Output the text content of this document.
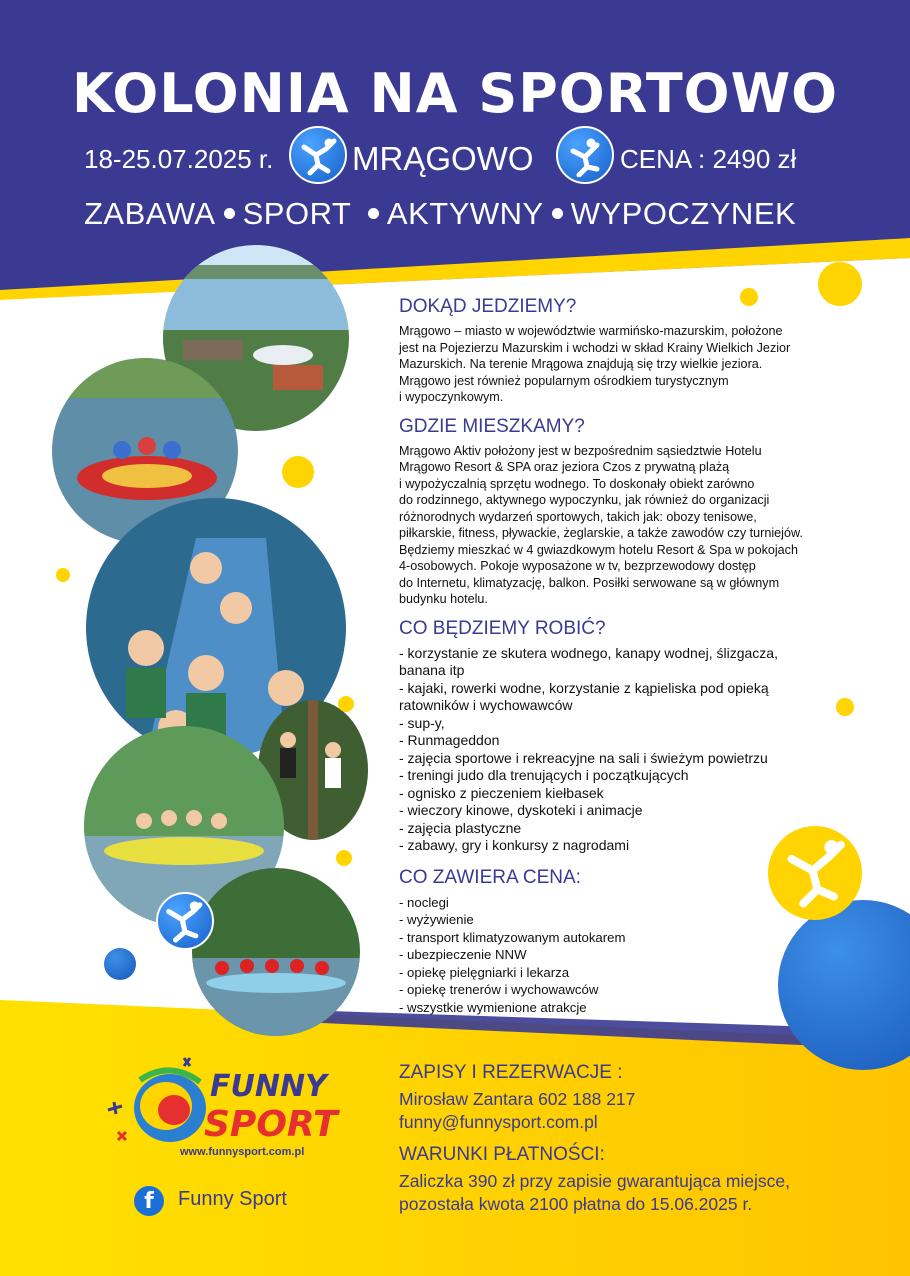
KOLONIA NA SPORTOWO
18-25.07.2025 r. MRĄGOWO	CENA : 2490 zł
ZABAWA SPORT AKTYWNY WYPOCZYNEK
DOKĄD JEDZIEMY?

Mrągowo – miasto w województwie warmińsko-mazurskim, położone
jest na Pojezierzu Mazurskim i wchodzi w skład Krainy Wielkich Jezior
Mazurskich. Na terenie Mrągowa znajdują się trzy wielkie jeziora.
Mrągowo jest również popularnym ośrodkiem turystycznym
i wypoczynkowym.

GDZIE MIESZKAMY?

Mrągowo Aktiv położony jest w bezpośrednim sąsiedztwie Hotelu
Mrągowo Resort & SPA oraz jeziora Czos z prywatną plażą
i wypożyczalnią sprzętu wodnego. To doskonały obiekt zarówno
do rodzinnego, aktywnego wypoczynku, jak również do organizacji
różnorodnych wydarzeń sportowych, takich jak: obozy tenisowe,
piłkarskie, fitness, pływackie, żeglarskie, a także zawodów czy turniejów.
Będziemy mieszkać w 4 gwiazdkowym hotelu Resort & Spa w pokojach
4-osobowych. Pokoje wyposażone w tv, bezprzewodowy dostęp
do Internetu, klimatyzację, balkon. Posiłki serwowane są w głównym
budynku hotelu.

CO BĘDZIEMY ROBIĆ?
- korzystanie ze skutera wodnego, kanapy wodnej, ślizgacza,
banana itp
- kajaki, rowerki wodne, korzystanie z kąpieliska pod opieką
ratowników i wychowawców
- sup-y,
- Runmageddon
- zajęcia sportowe i rekreacyjne na sali i świeżym powietrzu
- treningi judo dla trenujących i początkujących
- ognisko z pieczeniem kiełbasek
- wieczory kinowe, dyskoteki i animacje
- zajęcia plastyczne
- zabawy, gry i konkursy z nagrodami
CO ZAWIERA CENA:
- noclegi
- wyżywienie
- transport klimatyzowanym autokarem
- ubezpieczenie NNW
- opiekę pielęgniarki i lekarza
- opiekę trenerów i wychowawców
- wszystkie wymienione atrakcje
FUNNY
SPORT
www.funnysport.com.pl
f	Funny Sport
ZAPISY I REZERWACJE :
Mirosław Zantara 602 188 217
funny@funnysport.com.pl
WARUNKI PŁATNOŚCI:
Zaliczka 390 zł przy zapisie gwarantująca miejsce,
pozostała kwota 2100 płatna do 15.06.2025 r.
